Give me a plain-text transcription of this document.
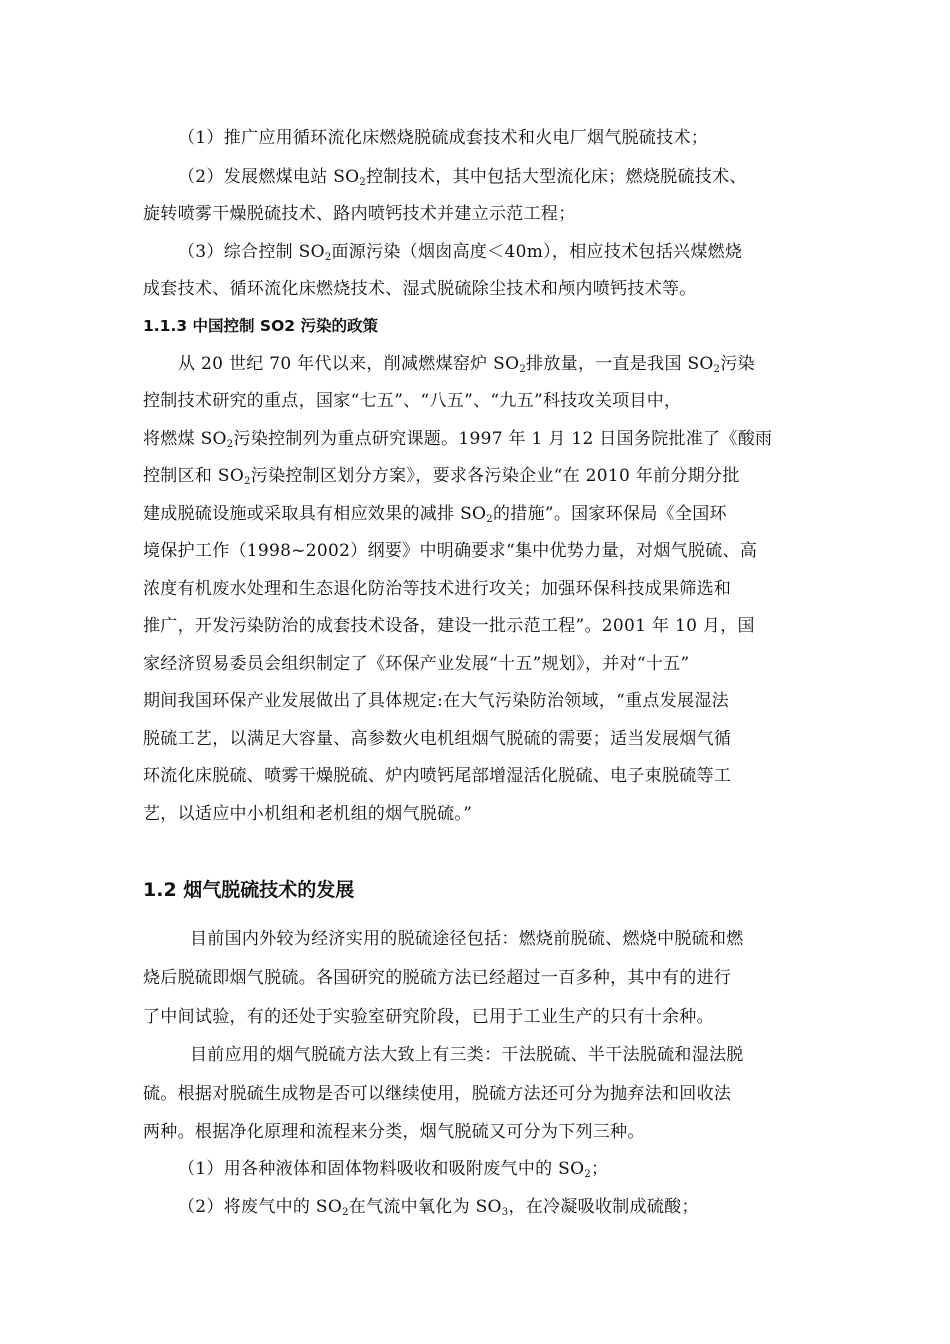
（1）推广应用循环流化床燃烧脱硫成套技术和火电厂烟气脱硫技术；
（2）发展燃煤电站 $SO_2$控制技术，其中包括大型流化床；燃烧脱硫技术、
旋转喷雾干燥脱硫技术、路内喷钙技术并建立示范工程；
（3）综合控制 $SO_2$面源污染（烟囱高度＜40m），相应技术包括兴煤燃烧
成套技术、循环流化床燃烧技术、湿式脱硫除尘技术和颅内喷钙技术等。
1.1.3 中国控制 SO2 污染的政策
从 20 世纪 70 年代以来，削减燃煤窑炉 $SO_2$排放量，一直是我国 $SO_2$污染
控制技术研究的重点，国家“七五”、“八五”、“九五”科技攻关项目中，
将燃煤 $SO_2$污染控制列为重点研究课题。1997 年 1 月 12 日国务院批准了《酸雨
控制区和 $SO_2$污染控制区划分方案》，要求各污染企业“在 2010 年前分期分批
建成脱硫设施或采取具有相应效果的减排 $SO_2$的措施”。国家环保局《全国环
境保护工作（1998~2002）纲要》中明确要求“集中优势力量，对烟气脱硫、高
浓度有机废水处理和生态退化防治等技术进行攻关；加强环保科技成果筛选和
推广，开发污染防治的成套技术设备，建设一批示范工程”。2001 年 10 月，国
家经济贸易委员会组织制定了《环保产业发展“十五”规划》，并对“十五”
期间我国环保产业发展做出了具体规定:在大气污染防治领域，“重点发展湿法
脱硫工艺，以满足大容量、高参数火电机组烟气脱硫的需要；适当发展烟气循
环流化床脱硫、喷雾干燥脱硫、炉内喷钙尾部增湿活化脱硫、电子束脱硫等工
艺，以适应中小机组和老机组的烟气脱硫。”
1.2 烟气脱硫技术的发展
目前国内外较为经济实用的脱硫途径包括：燃烧前脱硫、燃烧中脱硫和燃
烧后脱硫即烟气脱硫。各国研究的脱硫方法已经超过一百多种，其中有的进行
了中间试验，有的还处于实验室研究阶段，已用于工业生产的只有十余种。
目前应用的烟气脱硫方法大致上有三类：干法脱硫、半干法脱硫和湿法脱
硫。根据对脱硫生成物是否可以继续使用，脱硫方法还可分为抛弃法和回收法
两种。根据净化原理和流程来分类，烟气脱硫又可分为下列三种。
（1）用各种液体和固体物料吸收和吸附废气中的 $SO_2$；
（2）将废气中的 $SO_2$在气流中氧化为 $SO_3$，在冷凝吸收制成硫酸；
